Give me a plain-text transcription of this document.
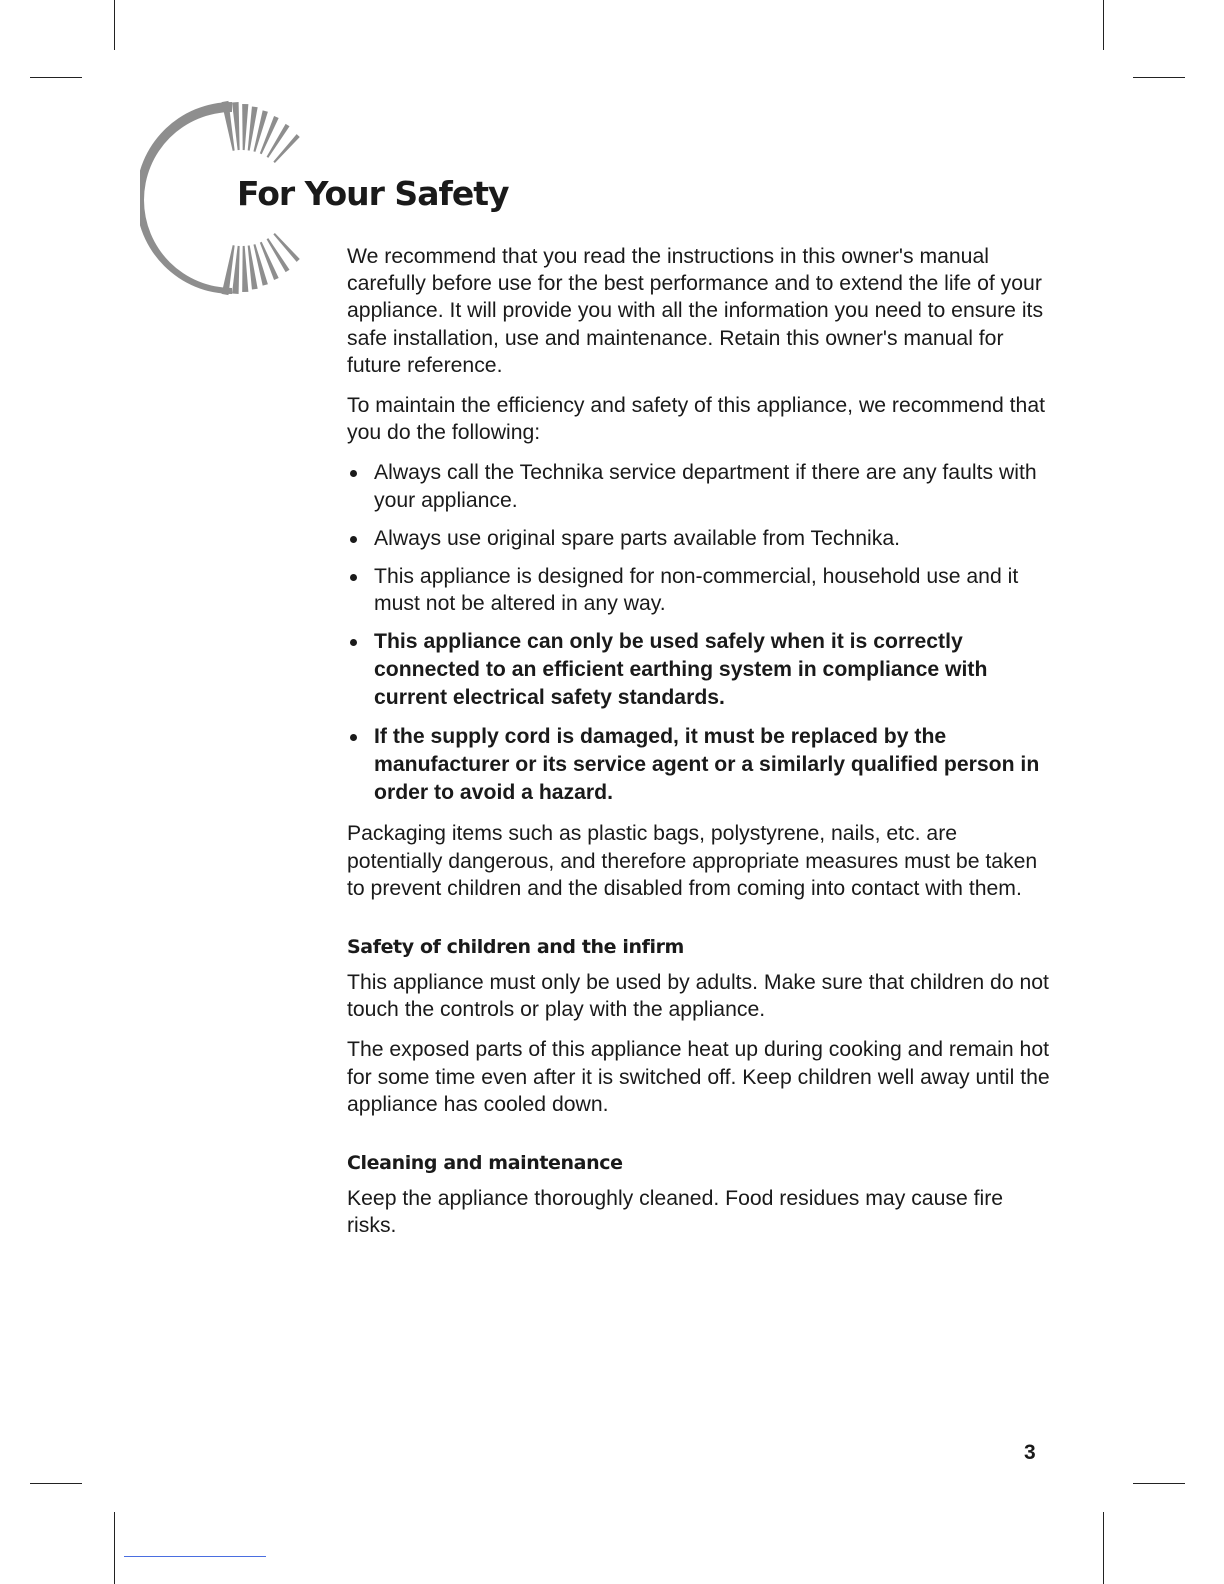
For Your Safety

We recommend that you read the instructions in this owner's manual carefully before use for the best performance and to extend the life of your appliance. It will provide you with all the information you need to ensure its safe installation, use and maintenance. Retain this owner's manual for future reference.

To maintain the efficiency and safety of this appliance, we recommend that you do the following:

Always call the Technika service department if there are any faults with your appliance.
Always use original spare parts available from Technika.
This appliance is designed for non-commercial, household use and it must not be altered in any way.
This appliance can only be used safely when it is correctly connected to an efficient earthing system in compliance with current electrical safety standards.
If the supply cord is damaged, it must be replaced by the manufacturer or its service agent or a similarly qualified person in order to avoid a hazard.

Packaging items such as plastic bags, polystyrene, nails, etc. are potentially dangerous, and therefore appropriate measures must be taken to prevent children and the disabled from coming into contact with them.

Safety of children and the infirm

This appliance must only be used by adults. Make sure that children do not touch the controls or play with the appliance.

The exposed parts of this appliance heat up during cooking and remain hot for some time even after it is switched off. Keep children well away until the appliance has cooled down.

Cleaning and maintenance

Keep the appliance thoroughly cleaned. Food residues may cause fire risks.

3
